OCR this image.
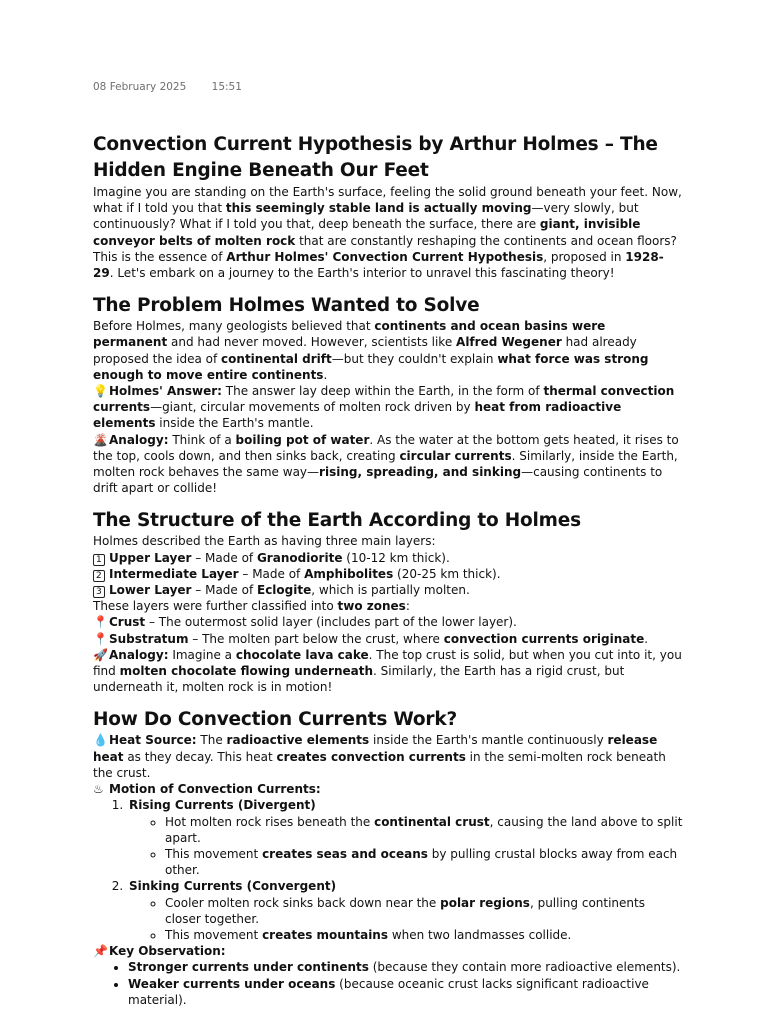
08 February 2025 15:51
Convection Current Hypothesis by Arthur Holmes – The Hidden Engine Beneath Our Feet

Imagine you are standing on the Earth's surface, feeling the solid ground beneath your feet. Now, what if I told you that this seemingly stable land is actually moving—very slowly, but continuously? What if I told you that, deep beneath the surface, there are giant, invisible conveyor belts of molten rock that are constantly reshaping the continents and ocean floors?

This is the essence of Arthur Holmes' Convection Current Hypothesis, proposed in 1928-29. Let's embark on a journey to the Earth's interior to unravel this fascinating theory!

The Problem Holmes Wanted to Solve

Before Holmes, many geologists believed that continents and ocean basins were permanent and had never moved. However, scientists like Alfred Wegener had already proposed the idea of continental drift—but they couldn't explain what force was strong enough to move entire continents.

💡Holmes' Answer: The answer lay deep within the Earth, in the form of thermal convection currents—giant, circular movements of molten rock driven by heat from radioactive elements inside the Earth's mantle.

🌋Analogy: Think of a boiling pot of water. As the water at the bottom gets heated, it rises to the top, cools down, and then sinks back, creating circular currents. Similarly, inside the Earth, molten rock behaves the same way—rising, spreading, and sinking—causing continents to drift apart or collide!

The Structure of the Earth According to Holmes

Holmes described the Earth as having three main layers:

1 Upper Layer – Made of Granodiorite (10-12 km thick).

2 Intermediate Layer – Made of Amphibolites (20-25 km thick).

3 Lower Layer – Made of Eclogite, which is partially molten.

These layers were further classified into two zones:

📍Crust – The outermost solid layer (includes part of the lower layer).

📍Substratum – The molten part below the crust, where convection currents originate.

🚀Analogy: Imagine a chocolate lava cake. The top crust is solid, but when you cut into it, you find molten chocolate flowing underneath. Similarly, the Earth has a rigid crust, but underneath it, molten rock is in motion!

How Do Convection Currents Work?

💧Heat Source: The radioactive elements inside the Earth's mantle continuously release heat as they decay. This heat creates convection currents in the semi-molten rock beneath the crust.

♨ Motion of Convection Currents:

1. Rising Currents (Divergent)
◦ Hot molten rock rises beneath the continental crust, causing the land above to split apart.
◦ This movement creates seas and oceans by pulling crustal blocks away from each other.
2. Sinking Currents (Convergent)
◦ Cooler molten rock sinks back down near the polar regions, pulling continents closer together.
◦ This movement creates mountains when two landmasses collide.

📌Key Observation:

• Stronger currents under continents (because they contain more radioactive elements).
• Weaker currents under oceans (because oceanic crust lacks significant radioactive material).
